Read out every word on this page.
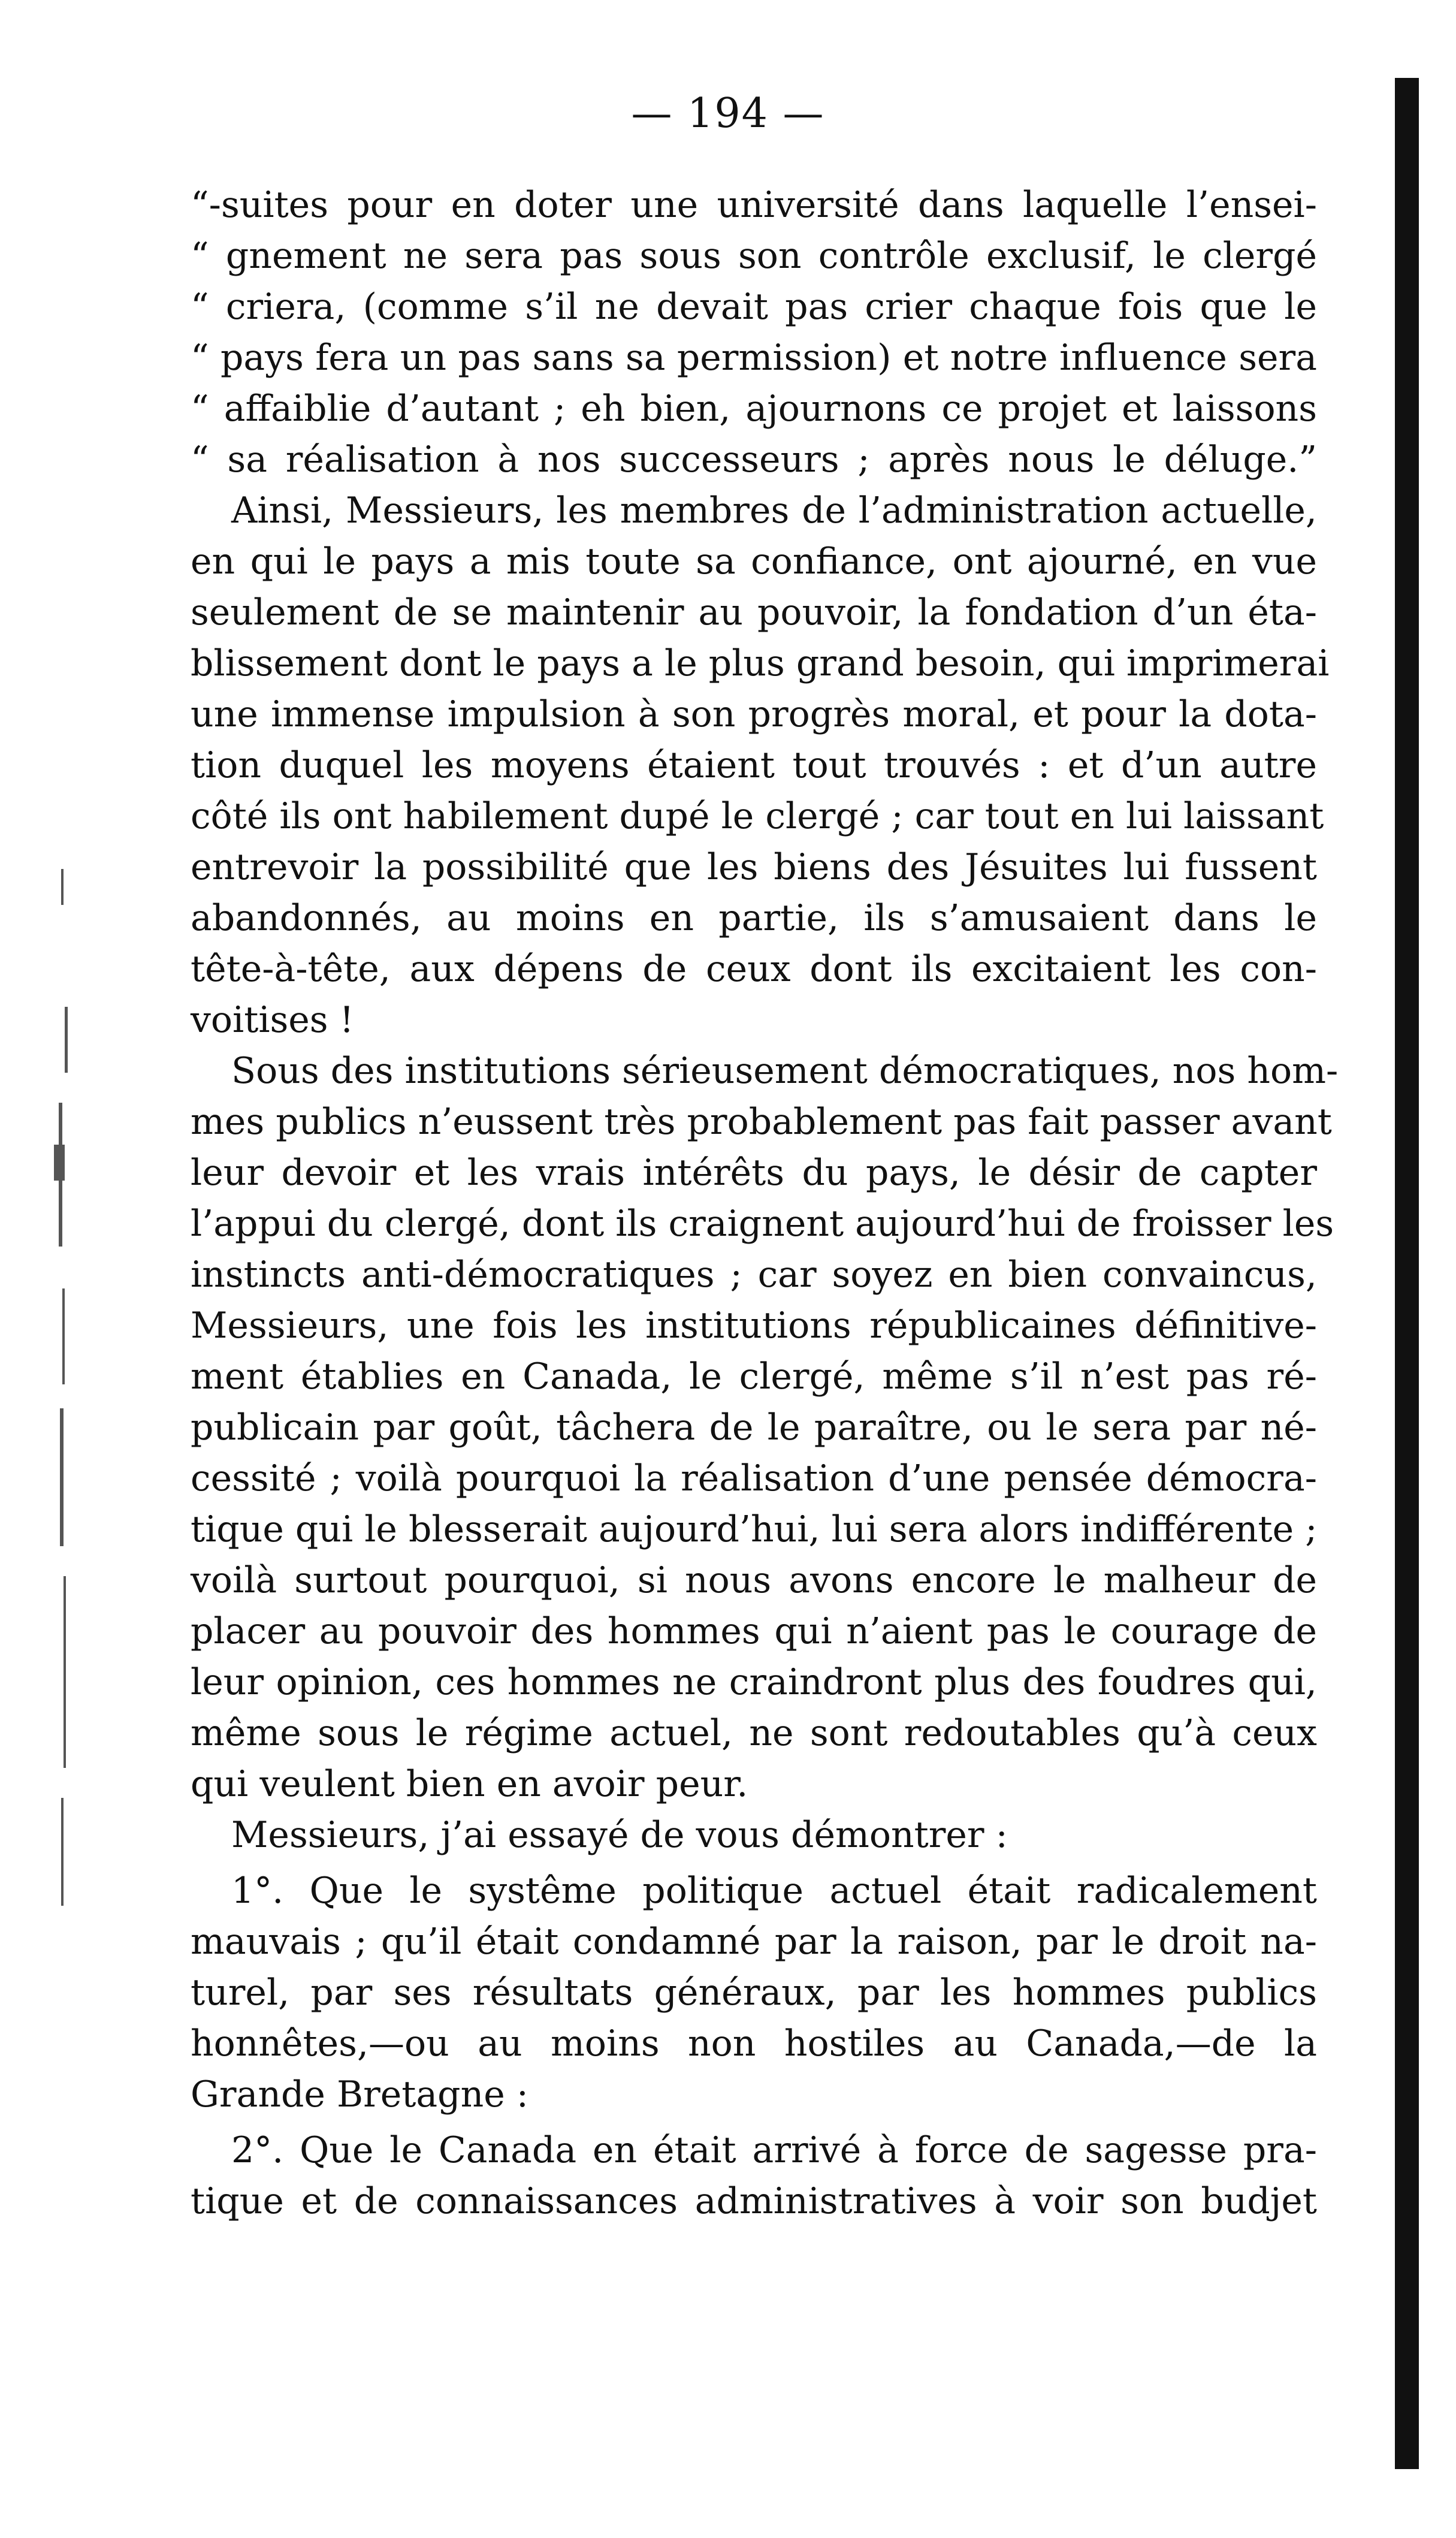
— 194 —
“-suites pour en doter une université dans laquelle l’ensei-
“ gnement ne sera pas sous son contrôle exclusif, le clergé
“ criera, (comme s’il ne devait pas crier chaque fois que le
“ pays fera un pas sans sa permission) et notre influence sera
“ affaiblie d’autant ; eh bien, ajournons ce projet et laissons
“ sa réalisation à nos successeurs ; après nous le déluge.”
Ainsi, Messieurs, les membres de l’administration actuelle,
en qui le pays a mis toute sa confiance, ont ajourné, en vue
seulement de se maintenir au pouvoir, la fondation d’un éta-
blissement dont le pays a le plus grand besoin, qui imprimerai
une immense impulsion à son progrès moral, et pour la dota-
tion duquel les moyens étaient tout trouvés : et d’un autre
côté ils ont habilement dupé le clergé ; car tout en lui laissant
entrevoir la possibilité que les biens des Jésuites lui fussent
abandonnés, au moins en partie, ils s’amusaient dans le
tête-à-tête, aux dépens de ceux dont ils excitaient les con-
voitises !
Sous des institutions sérieusement démocratiques, nos hom-
mes publics n’eussent très probablement pas fait passer avant
leur devoir et les vrais intérêts du pays, le désir de capter
l’appui du clergé, dont ils craignent aujourd’hui de froisser les
instincts anti-démocratiques ; car soyez en bien convaincus,
Messieurs, une fois les institutions républicaines définitive-
ment établies en Canada, le clergé, même s’il n’est pas ré-
publicain par goût, tâchera de le paraître, ou le sera par né-
cessité ; voilà pourquoi la réalisation d’une pensée démocra-
tique qui le blesserait aujourd’hui, lui sera alors indifférente ;
voilà surtout pourquoi, si nous avons encore le malheur de
placer au pouvoir des hommes qui n’aient pas le courage de
leur opinion, ces hommes ne craindront plus des foudres qui,
même sous le régime actuel, ne sont redoutables qu’à ceux
qui veulent bien en avoir peur.
Messieurs, j’ai essayé de vous démontrer :
1°. Que le systême politique actuel était radicalement
mauvais ; qu’il était condamné par la raison, par le droit na-
turel, par ses résultats généraux, par les hommes publics
honnêtes,—ou au moins non hostiles au Canada,—de la
Grande Bretagne :
2°. Que le Canada en était arrivé à force de sagesse pra-
tique et de connaissances administratives à voir son budjet
